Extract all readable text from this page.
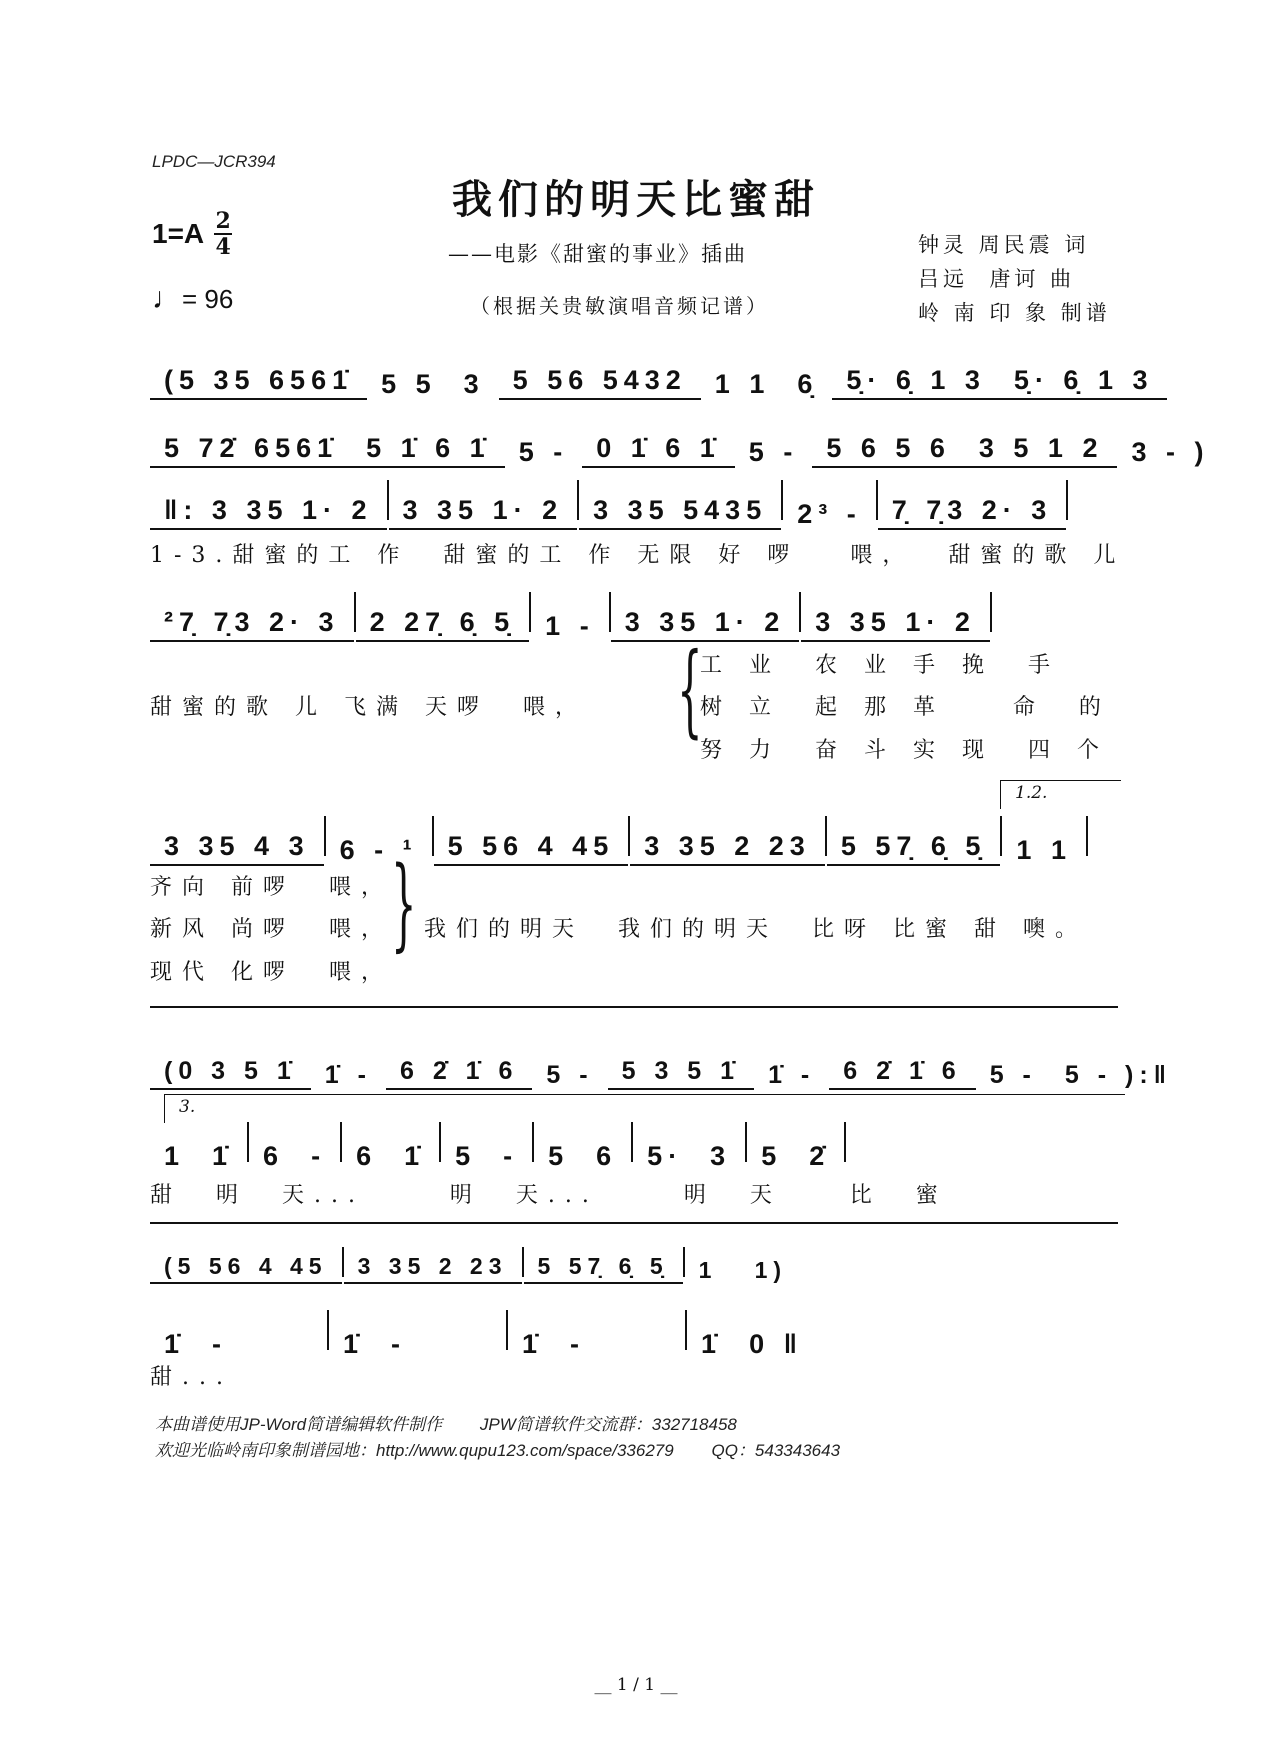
LPDC—JCR394
我们的明天比蜜甜
——电影《甜蜜的事业》插曲
（根据关贵敏演唱音频记谱）
1=A 2
4
♩= 96
钟灵 周民震 词
吕远  唐诃 曲
岭 南 印 象 制谱
(5 35 6561̇	5 5  3	5 56 5432	1 1  6̣	5̣· 6̣ 1 3	5̣· 6̣ 1 3
5 72̇ 6561̇	5 1̇ 6 1̇	5 -	0 1̇ 6 1̇	5 -	5 6 5 6	3 5 1 2	3 - )
‖: 3 35 1· 2	3 35 1· 2	3 35 5435	2³ -	7̣ 7̣3 2· 3
1-3.甜蜜的工 作  甜蜜的工 作 无限 好 啰   喂，  甜蜜的歌 儿
²7̣ 7̣3 2· 3	2 27̣ 6̣ 5̣	1 -	3 35 1· 2	3 35 1· 2
甜蜜的歌 儿 飞满 天啰  喂， {
工 业  农 业 手 挽  手
树 立  起 那 革    命  的
努 力  奋 斗 实 现  四 个
1.2.
3 35 4 3	6 - ¹	5 56 4 45	3 35 2 23	5 57̣ 6̣ 5̣	1 1
齐向 前啰  喂，
新风 尚啰  喂，
现代 化啰  喂，
{ 我们的明天  我们的明天  比呀 比蜜 甜 噢。
(0 3 5 1̇	1̇ -	6 2̇ 1̇ 6	5 -	5 3 5 1̇	1̇ -	6 2̇ 1̇ 6	5 -	5 - ):‖
3.
1  1̇	6  -	6  1̇	5  -	5  6	5·  3	5  2̇
甜  明  天...     明  天...     明  天    比  蜜
(5 56 4 45	3 35 2 23	5 57̣ 6̣ 5̣	1   1)
1̇  -	1̇  -	1̇  -	1̇  0 ‖
甜...
本曲谱使用JP-Word简谱编辑软件制作        JPW简谱软件交流群：332718458
欢迎光临岭南印象制谱园地：http://www.qupu123.com/space/336279        QQ：543343643
__ 1 / 1 __
